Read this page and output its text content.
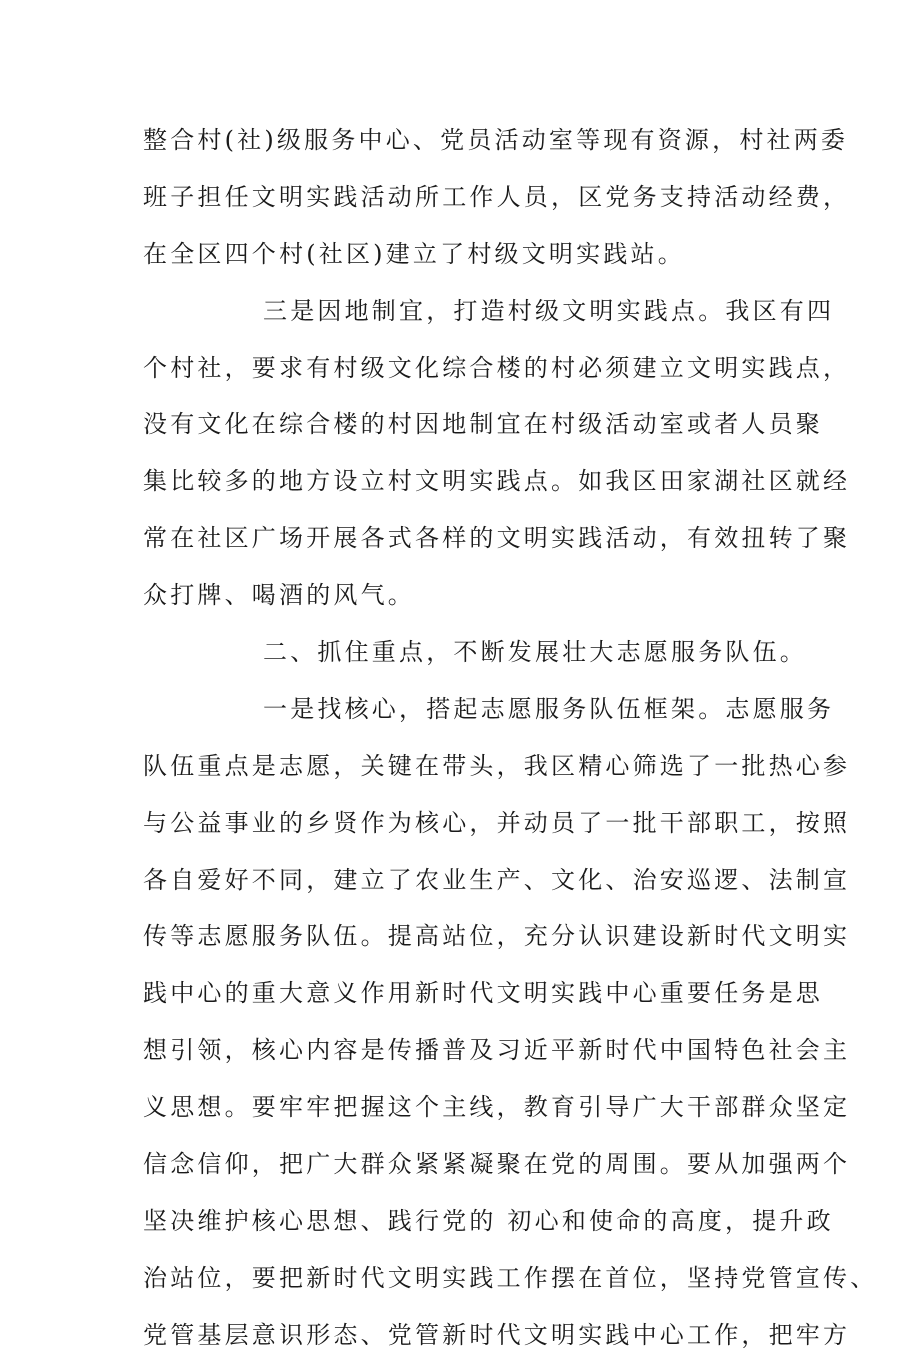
整合村(社)级服务中心、党员活动室等现有资源，村社两委
班子担任文明实践活动所工作人员，区党务支持活动经费，
在全区四个村(社区)建立了村级文明实践站。
三是因地制宜，打造村级文明实践点。我区有四
个村社，要求有村级文化综合楼的村必须建立文明实践点，
没有文化在综合楼的村因地制宜在村级活动室或者人员聚
集比较多的地方设立村文明实践点。如我区田家湖社区就经
常在社区广场开展各式各样的文明实践活动，有效扭转了聚
众打牌、喝酒的风气。
二、抓住重点，不断发展壮大志愿服务队伍。
一是找核心，搭起志愿服务队伍框架。志愿服务
队伍重点是志愿，关键在带头，我区精心筛选了一批热心参
与公益事业的乡贤作为核心，并动员了一批干部职工，按照
各自爱好不同，建立了农业生产、文化、治安巡逻、法制宣
传等志愿服务队伍。提高站位，充分认识建设新时代文明实
践中心的重大意义作用新时代文明实践中心重要任务是思
想引领，核心内容是传播普及习近平新时代中国特色社会主
义思想。要牢牢把握这个主线，教育引导广大干部群众坚定
信念信仰，把广大群众紧紧凝聚在党的周围。要从加强两个
坚决维护核心思想、践行党的 初心和使命的高度，提升政
治站位，要把新时代文明实践工作摆在首位，坚持党管宣传、
党管基层意识形态、党管新时代文明实践中心工作，把牢方
